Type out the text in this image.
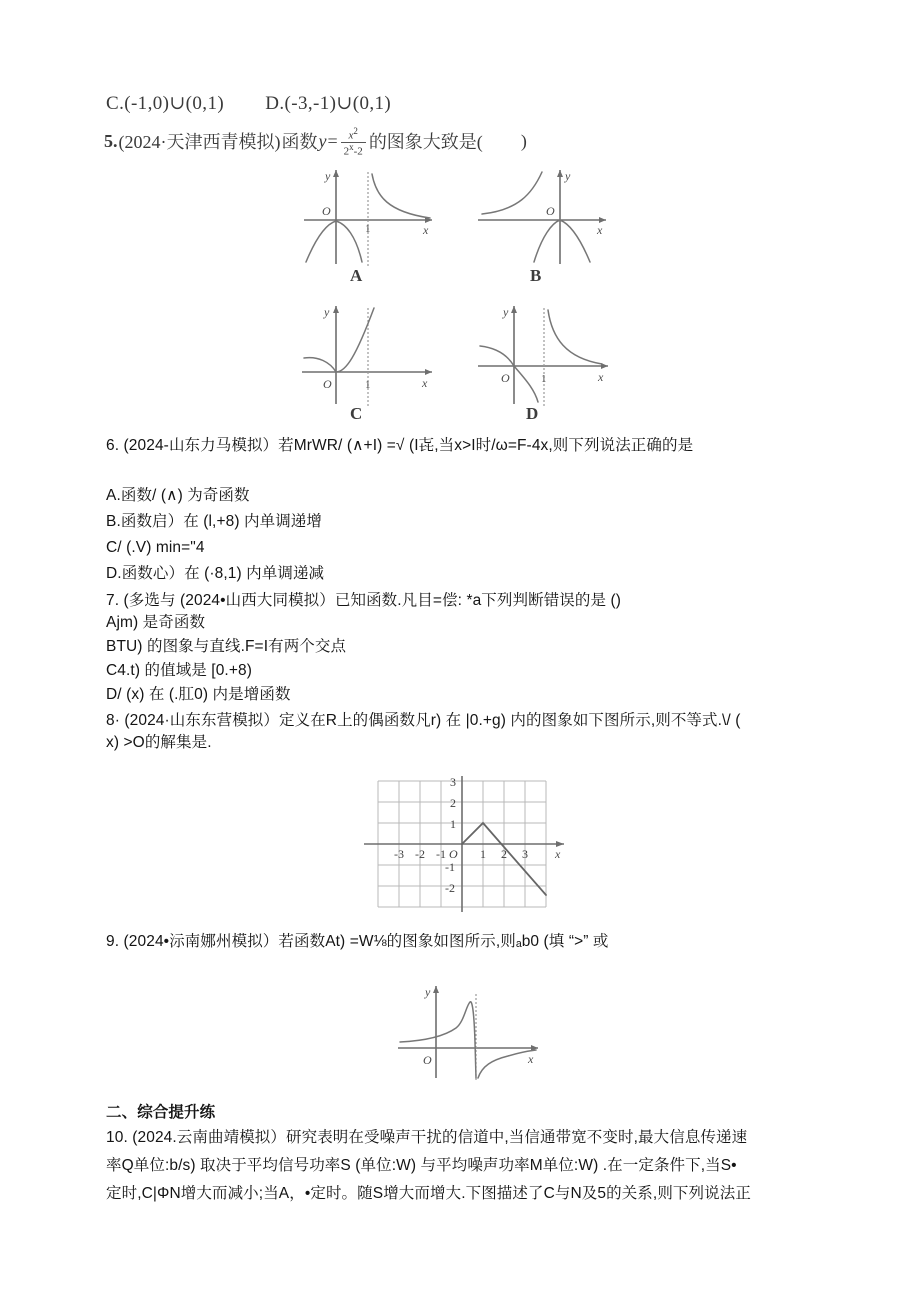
C.(-1,0)∪(0,1)        D.(-3,-1)∪(0,1)
5. (2024·天津西青模拟) 函数 $y = \frac{x^2}{2^x-2}$ 的图象大致是( )
O
1	x
y
A
O
x
y
B
O	1	x
y
C
O	1	x
y
D
6. (2024-山东力马模拟）若MrWR/ (∧+I) =√ (I㐂,当x>I时/ω=F-4x,则下列说法正确的是
A.函数/ (∧) 为奇函数
B.函数启）在 (l,+8) 内单调递增
C/ (.V) min="4
D.函数心）在 (·8,1) 内单调递减
7. (多选与 (2024•山西大同模拟）已知函数.凡目=偿: *a下列判断错误的是 ()
Ajm) 是奇函数
BTU) 的图象与直线.F=I有两个交点
C4.t) 的值域是 [0.+8)
D/ (x) 在 (.肛0) 内是增函数
8· (2024·山东东营模拟）定义在R上的偶函数凡r) 在 |0.+g) 内的图象如下图所示,则不等式.\/ (
x) >O的解集是.
-3 -2 -1 O 1 2 3
3
2
1
-1
-2
x
9. (2024•沶南娜州模拟）若函数At) =W⅛的图象如图所示,则ₐb0 (填 “>” 或
O	x
y
二、综合提升练
10. (2024.云南曲靖模拟）研究表明在受噪声干扰的信道中,当信通带宽不变时,最大信息传递速
率Q单位:b/s) 取决于平均信号功率S (单位:W) 与平均噪声功率M单位:W) .在一定条件下,当S•
定时,C|ΦN增大而减小;当A，•定时。随S增大而增大.下图描述了C与N及5的关系,则下列说法正
